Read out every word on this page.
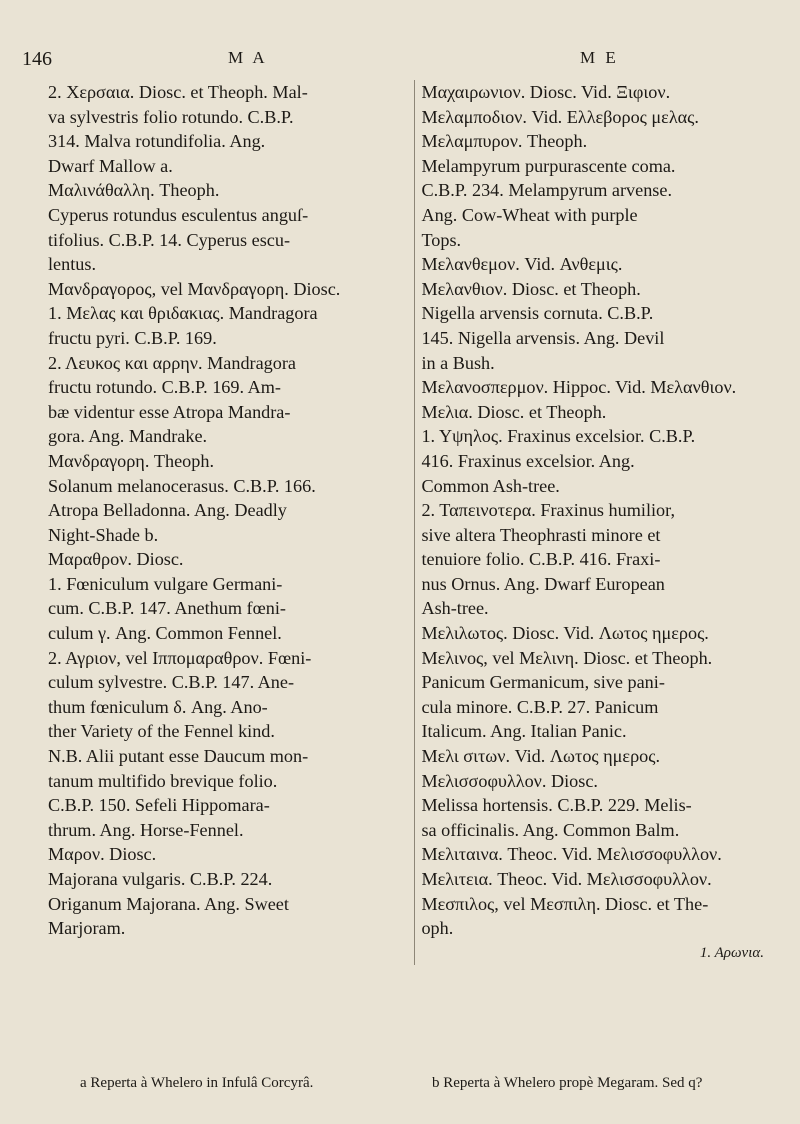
146	M A	M E
2. Χερσαια. Diosc. et Theoph. Mal-
va sylvestris folio rotundo. C.B.P.
314. Malva rotundifolia. Ang.
Dwarf Mallow a.
Μαλινάθαλλη. Theoph.
Cyperus rotundus esculentus anguſ-
tifolius. C.B.P. 14. Cyperus escu-
lentus.
Μανδραγορος, vel Μανδραγορη. Diosc.
1. Μελας και θριδακιας. Mandragora
fructu pyri. C.B.P. 169.
2. Λευκος και αρρην. Mandragora
fructu rotundo. C.B.P. 169. Am-
bæ videntur esse Atropa Mandra-
gora. Ang. Mandrake.
Μανδραγορη. Theoph.
Solanum melanocerasus. C.B.P. 166.
Atropa Belladonna. Ang. Deadly
Night-Shade b.
Μαραθρον. Diosc.
1. Fœniculum vulgare Germani-
cum. C.B.P. 147. Anethum fœni-
culum γ. Ang. Common Fennel.
2. Αγριον, vel Ιππομαραθρον. Fœni-
culum sylvestre. C.B.P. 147. Ane-
thum fœniculum δ. Ang. Ano-
ther Variety of the Fennel kind.
N.B. Alii putant esse Daucum mon-
tanum multifido brevique folio.
C.B.P. 150. Sefeli Hippomara-
thrum. Ang. Horse-Fennel.
Μαρον. Diosc.
Majorana vulgaris. C.B.P. 224.
Origanum Majorana. Ang. Sweet
Marjoram.
Μαχαιρωνιον. Diosc. Vid. Ξιφιον.
Μελαμποδιον. Vid. Ελλεβορος μελας.
Μελαμπυρον. Theoph.
Melampyrum purpurascente coma.
C.B.P. 234. Melampyrum arvense.
Ang. Cow-Wheat with purple
Tops.
Μελανθεμον. Vid. Ανθεμις.
Μελανθιον. Diosc. et Theoph.
Nigella arvensis cornuta. C.B.P.
145. Nigella arvensis. Ang. Devil
in a Bush.
Μελανοσπερμον. Hippoc. Vid. Μελανθιον.
Μελια. Diosc. et Theoph.
1. Υψηλος. Fraxinus excelsior. C.B.P.
416. Fraxinus excelsior. Ang.
Common Ash-tree.
2. Ταπεινοτερα. Fraxinus humilior,
sive altera Theophrasti minore et
tenuiore folio. C.B.P. 416. Fraxi-
nus Ornus. Ang. Dwarf European
Ash-tree.
Μελιλωτος. Diosc. Vid. Λωτος ημερος.
Μελινος, vel Μελινη. Diosc. et Theoph.
Panicum Germanicum, sive pani-
cula minore. C.B.P. 27. Panicum
Italicum. Ang. Italian Panic.
Μελι σιτων. Vid. Λωτος ημερος.
Μελισσοφυλλον. Diosc.
Melissa hortensis. C.B.P. 229. Melis-
sa officinalis. Ang. Common Balm.
Μελιταινα. Theoc. Vid. Μελισσοφυλλον.
Μελιτεια. Theoc. Vid. Μελισσοφυλλον.
Μεσπιλος, vel Μεσπιλη. Diosc. et The-
oph.
1. Αρωνια.
a Reperta à Whelero in Infulâ Corcyrâ.	b Reperta à Whelero propè Megaram. Sed q?
